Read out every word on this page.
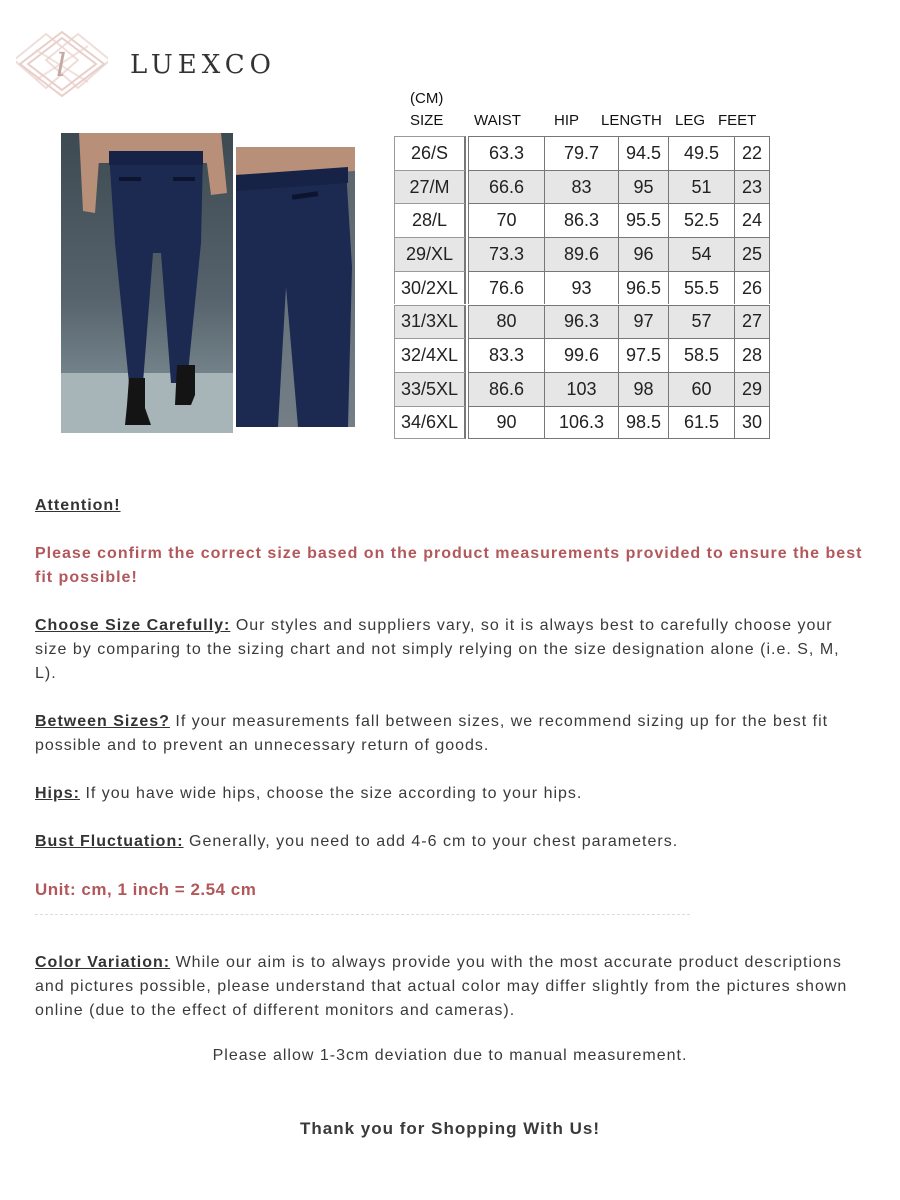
l LUEXCO
(CM)
SIZE WAIST HIP LENGTH LEG FEET
26/S	63.3	79.7	94.5	49.5	22
27/M	66.6	83	95	51	23
28/L	70	86.3	95.5	52.5	24
29/XL	73.3	89.6	96	54	25
30/2XL	76.6	93	96.5	55.5	26
31/3XL	80	96.3	97	57	27
32/4XL	83.3	99.6	97.5	58.5	28
33/5XL	86.6	103	98	60	29
34/6XL	90	106.3	98.5	61.5	30
Attention!
Please confirm the correct size based on the product measurements provided to ensure the best fit possible!
Choose Size Carefully: Our styles and suppliers vary, so it is always best to carefully choose your size by comparing to the sizing chart and not simply relying on the size designation alone (i.e. S, M, L).
Between Sizes? If your measurements fall between sizes, we recommend sizing up for the best fit possible and to prevent an unnecessary return of goods.
Hips: If you have wide hips, choose the size according to your hips.
Bust Fluctuation: Generally, you need to add 4-6 cm to your chest parameters.
Unit: cm, 1 inch = 2.54 cm
Color Variation: While our aim is to always provide you with the most accurate product descriptions and pictures possible, please understand that actual color may differ slightly from the pictures shown online (due to the effect of different monitors and cameras).
Please allow 1-3cm deviation due to manual measurement.
Thank you for Shopping With Us!
